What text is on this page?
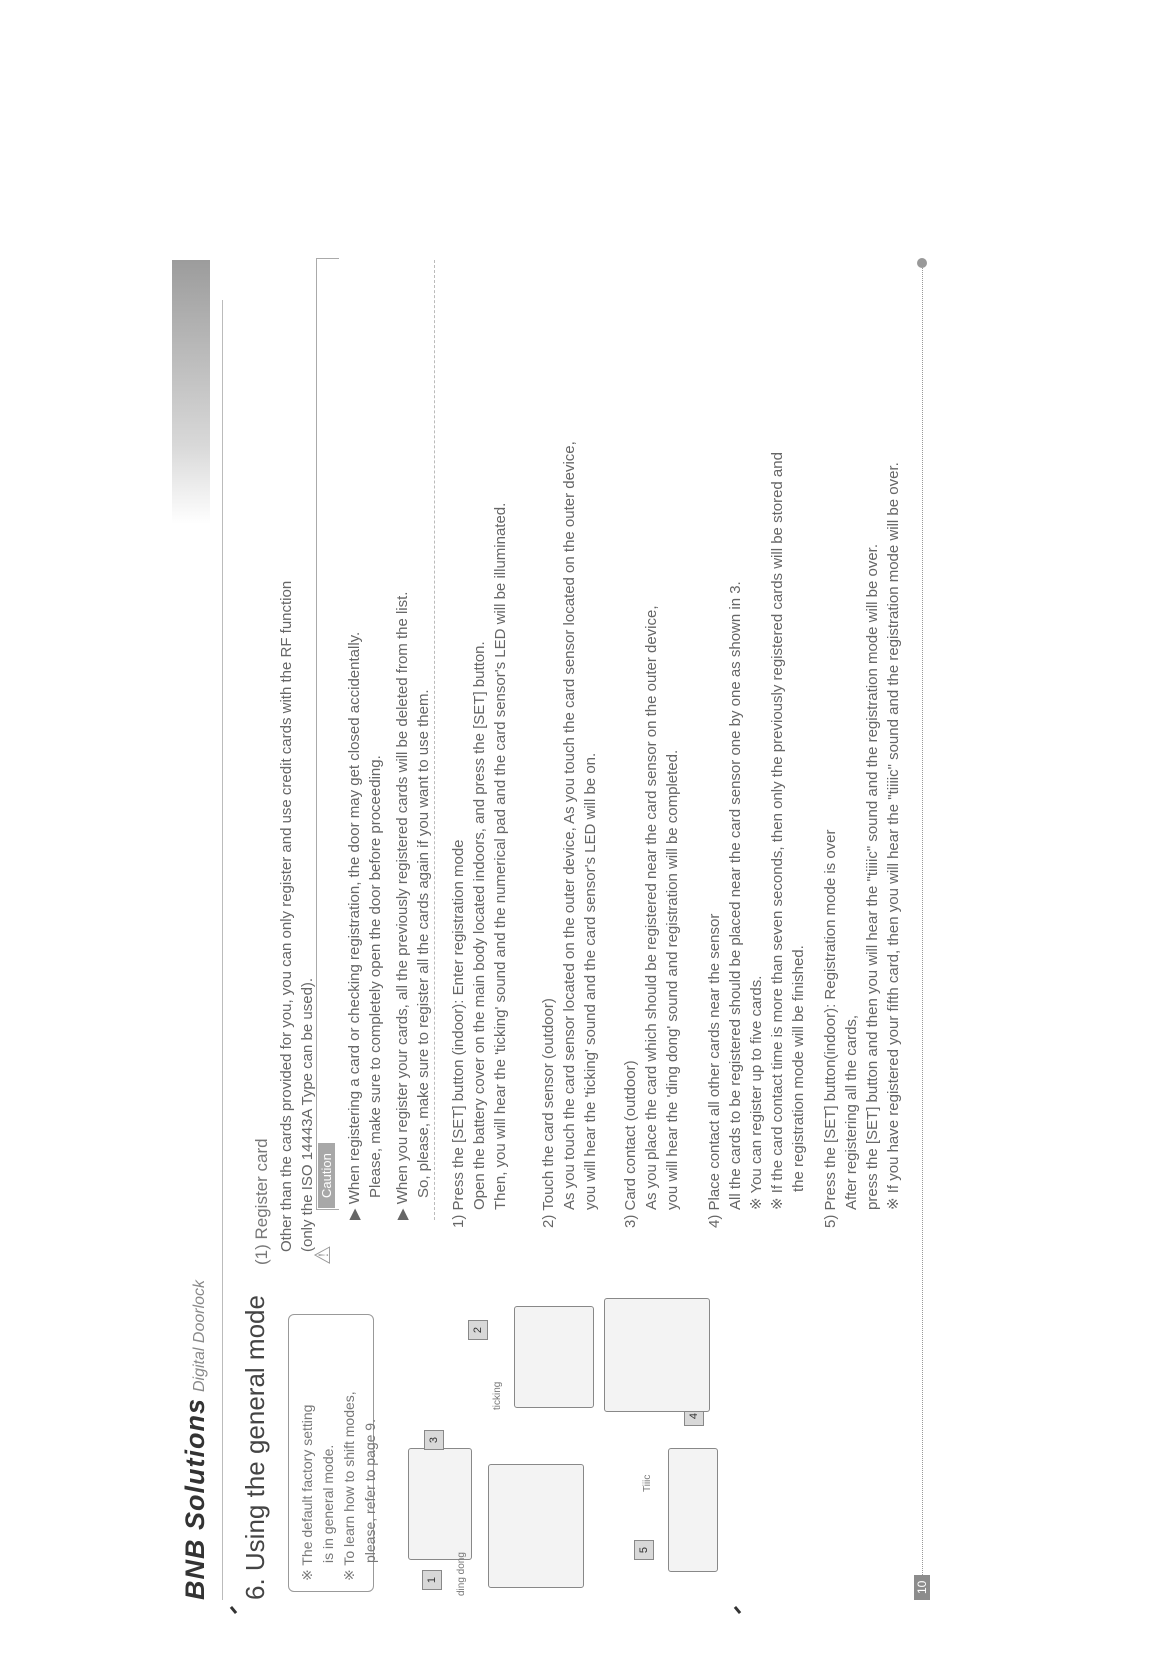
BNB SolutionsDigital Doorlock 6. Using the general mode ※ The default factory setting is in general mode. ※ To learn how to shift modes, please, refer to page 9.

(1) Register card Other than the cards provided for you, you can only register and use credit cards with the RF function (only the ISO 14443A Type can be used).

⚠
Caution ▶ When registering a card or checking registration, the door may get closed accidentally. Please, make sure to completely open the door before proceeding. ▶ When you register your cards, all the previously registered cards will be deleted from the list. So, please, make sure to register all the cards again if you want to use them. 1) Press the [SET] button (indoor): Enter registration mode Open the battery cover on the main body located indoors, and press the [SET] button. Then, you will hear the 'ticking' sound and the numerical pad and the card sensor's LED will be illuminated. 2) Touch the card sensor (outdoor) As you touch the card sensor located on the outer device, As you touch the card sensor located on the outer device, you will hear the 'ticking' sound and the card sensor's LED will be on. 3) Card contact (outdoor) As you place the card which should be registered near the card sensor on the outer device, you will hear the 'ding dong' sound and registration will be completed. 4) Place contact all other cards near the sensor All the cards to be registered should be placed near the card sensor one by one as shown in 3. ※ You can register up to five cards. ※ If the card contact time is more than seven seconds, then only the previously registered cards will be stored and the registration mode will be finished. 5) Press the [SET] button(indoor): Registration mode is over After registering all the cards, press the [SET] button and then you will hear the "tiiiic" sound and the registration mode will be over. ※ If you have registered your fifth card, then you will hear the "tiiiic" sound and the registration mode will be over.

1
2
ticking
3
ding dong
4
5
Tiiic
10
